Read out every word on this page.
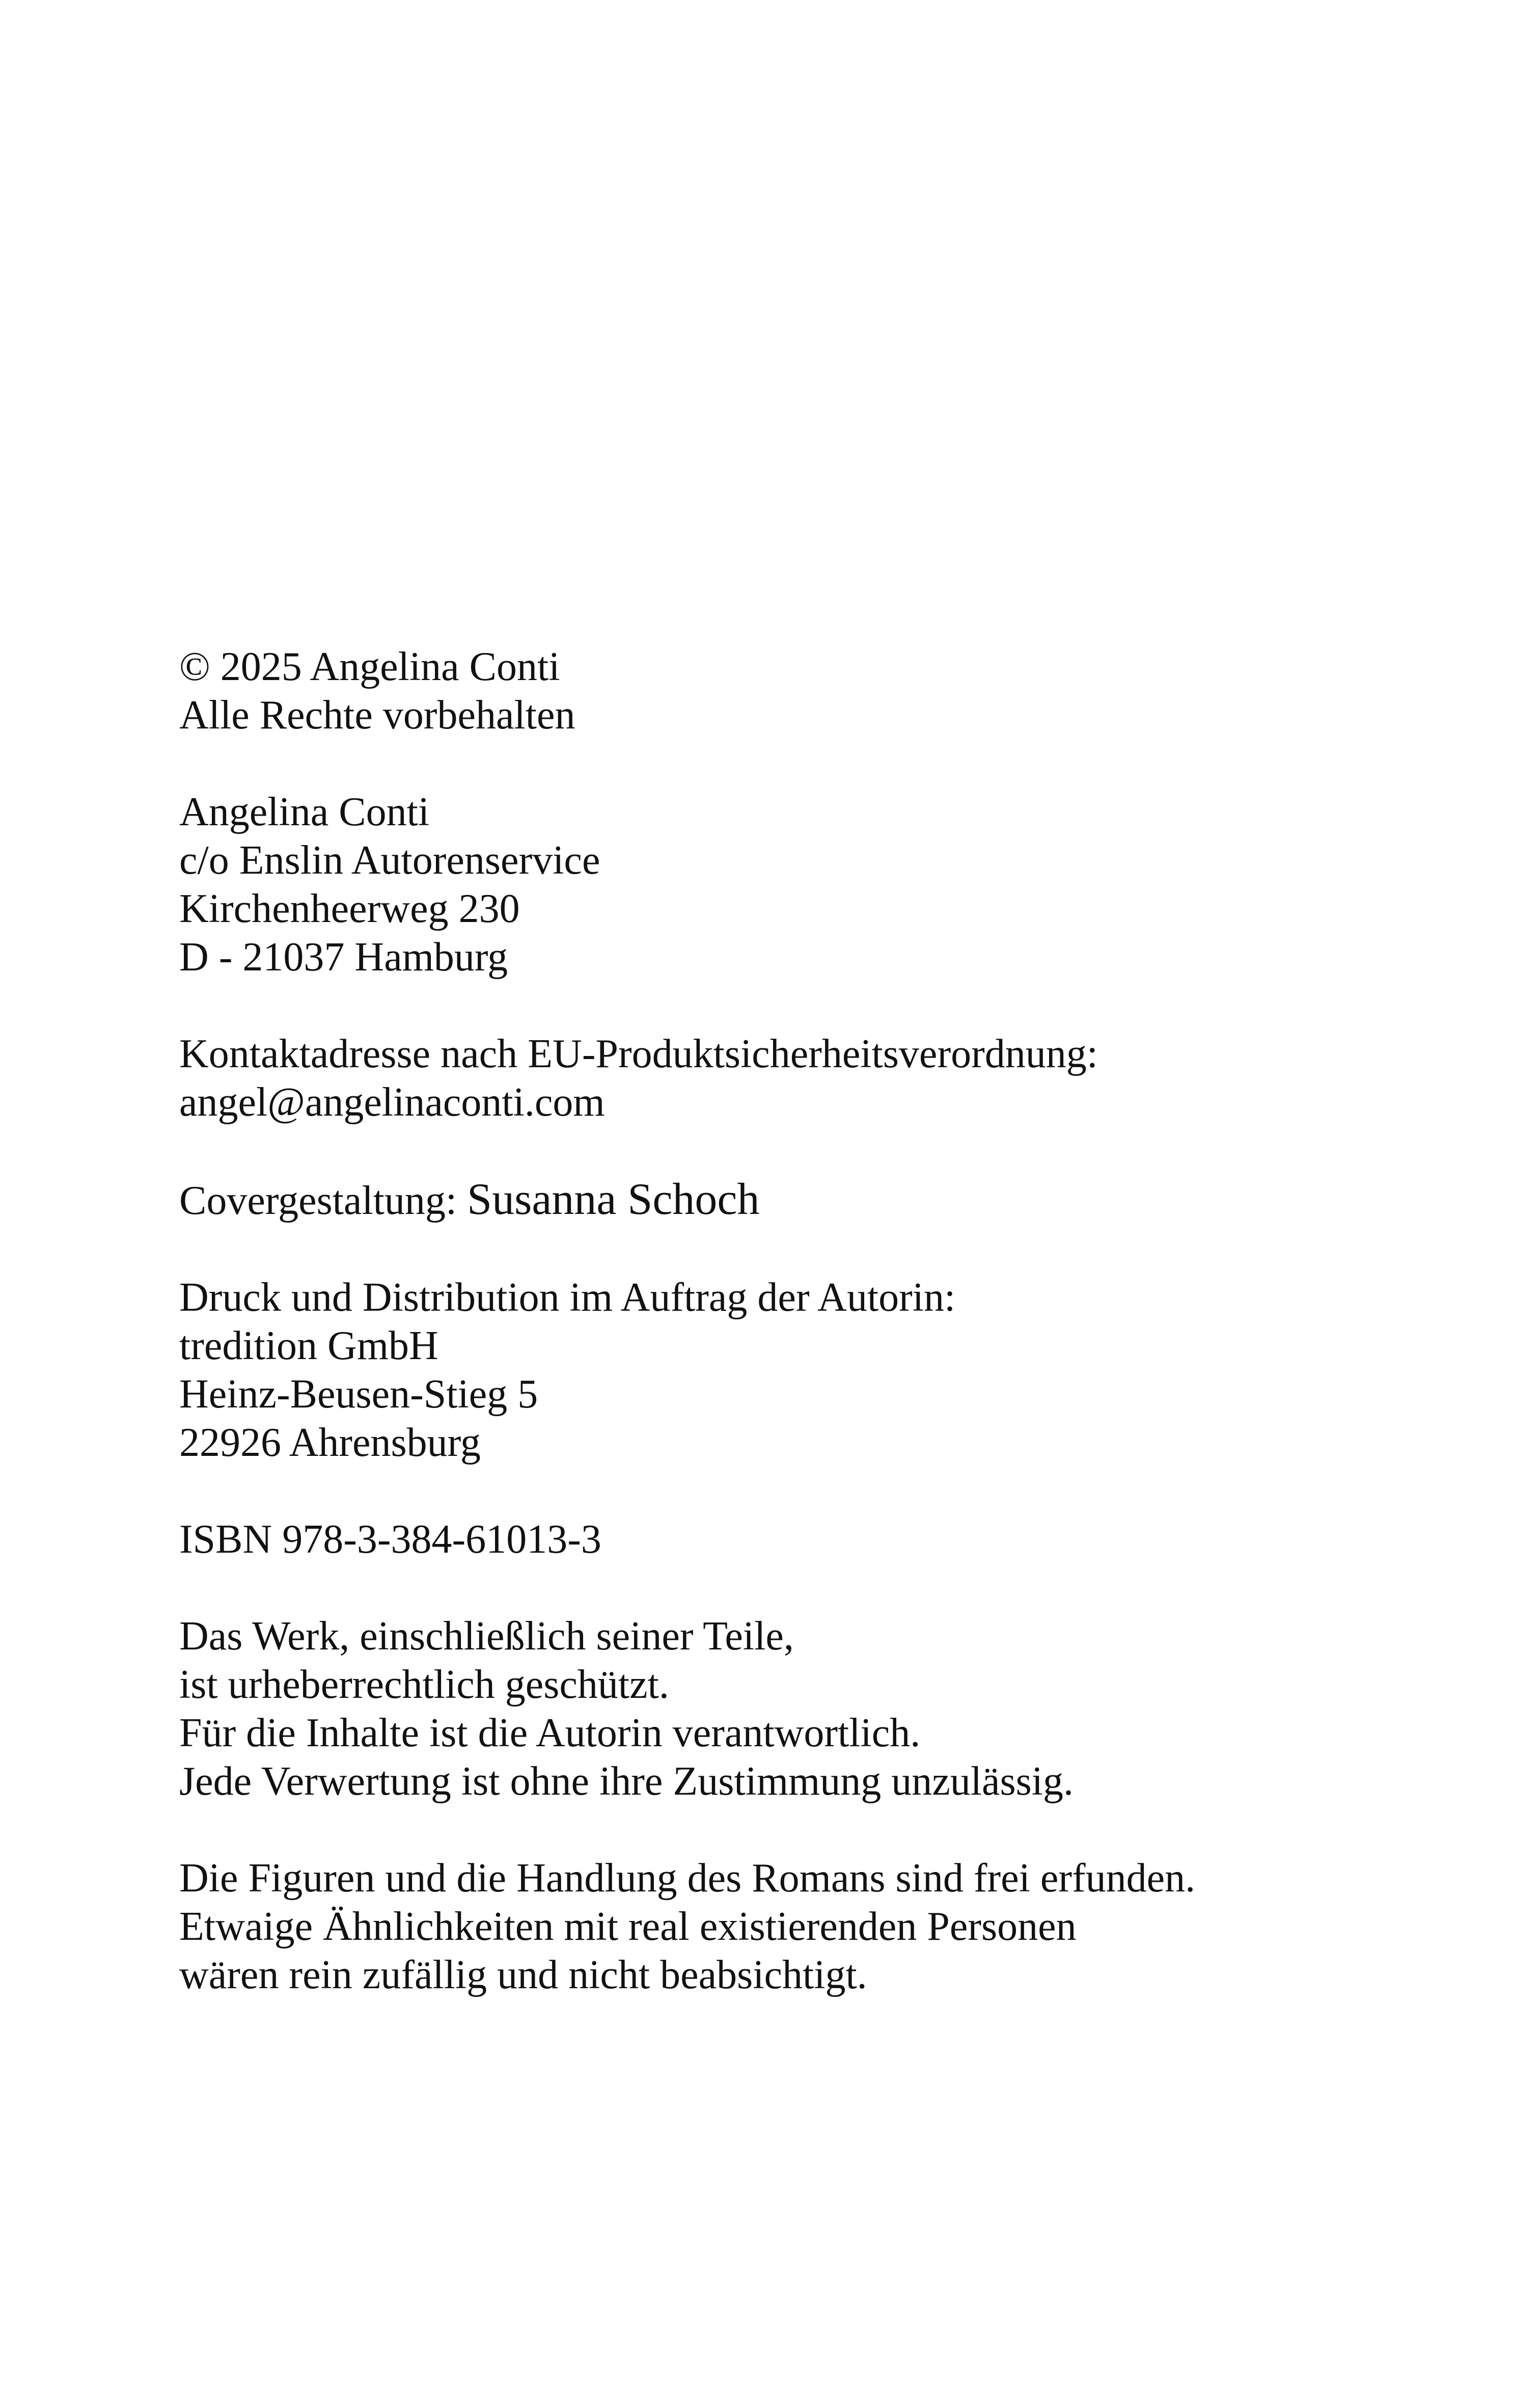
© 2025 Angelina Conti
Alle Rechte vorbehalten
Angelina Conti
c/o Enslin Autorenservice
Kirchenheerweg 230
D - 21037 Hamburg
Kontaktadresse nach EU-Produktsicherheitsverordnung:
angel@angelinaconti.com
Covergestaltung: Susanna Schoch
Druck und Distribution im Auftrag der Autorin:
tredition GmbH
Heinz-Beusen-Stieg 5
22926 Ahrensburg
ISBN 978-3-384-61013-3
Das Werk, einschließlich seiner Teile,
ist urheberrechtlich geschützt.
Für die Inhalte ist die Autorin verantwortlich.
Jede Verwertung ist ohne ihre Zustimmung unzulässig.
Die Figuren und die Handlung des Romans sind frei erfunden.
Etwaige Ähnlichkeiten mit real existierenden Personen
wären rein zufällig und nicht beabsichtigt.
